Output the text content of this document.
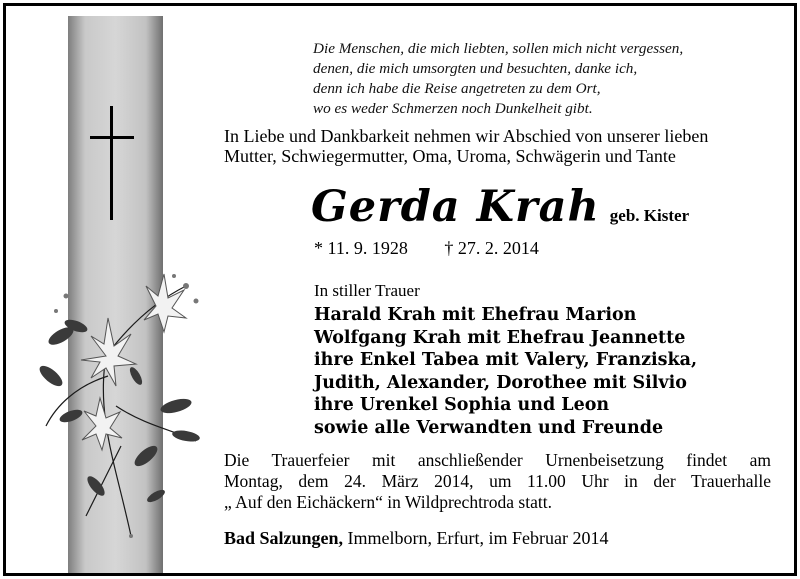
Die Menschen, die mich liebten, sollen mich nicht vergessen,
denen, die mich umsorgten und besuchten, danke ich,
denn ich habe die Reise angetreten zu dem Ort,
wo es weder Schmerzen noch Dunkelheit gibt.
In Liebe und Dankbarkeit nehmen wir Abschied von unserer lieben
Mutter, Schwiegermutter, Oma, Uroma, Schwägerin und Tante
Gerda Krah geb. Kister
* 11. 9. 1928 † 27. 2. 2014
In stiller Trauer
Harald Krah mit Ehefrau Marion
Wolfgang Krah mit Ehefrau Jeannette
ihre Enkel Tabea mit Valery, Franziska,
Judith, Alexander, Dorothee mit Silvio
ihre Urenkel Sophia und Leon
sowie alle Verwandten und Freunde
Die Trauerfeier mit anschließender Urnenbeisetzung findet am
Montag, dem 24. März 2014, um 11.00 Uhr in der Trauerhalle
„ Auf den Eichäckern“ in Wildprechtroda statt.
Bad Salzungen, Immelborn, Erfurt, im Februar 2014
